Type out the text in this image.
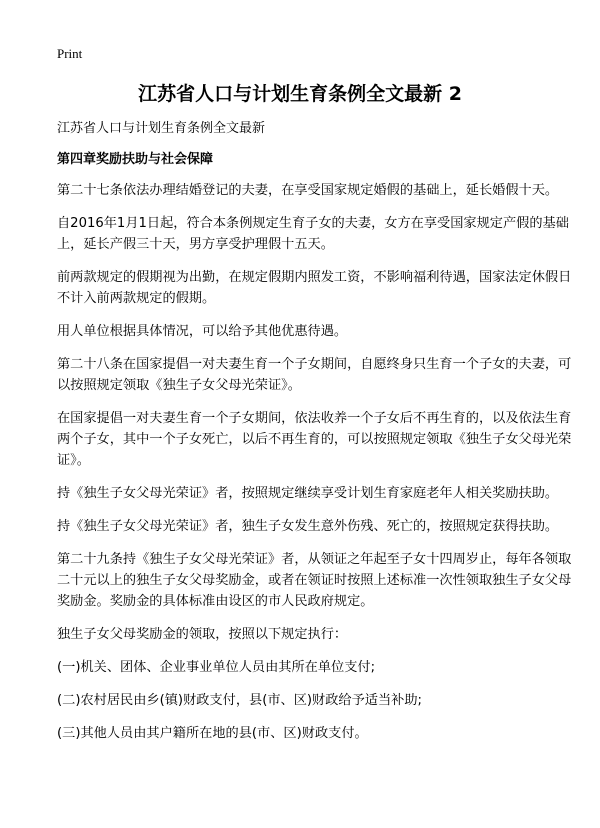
Print
江苏省人口与计划生育条例全文最新 2
江苏省人口与计划生育条例全文最新
第四章奖励扶助与社会保障

第二十七条依法办理结婚登记的夫妻，在享受国家规定婚假的基础上，延长婚假十天。

自2016年1月1日起，符合本条例规定生育子女的夫妻，女方在享受国家规定产假的基础上，延长产假三十天，男方享受护理假十五天。

前两款规定的假期视为出勤，在规定假期内照发工资，不影响福利待遇，国家法定休假日不计入前两款规定的假期。

用人单位根据具体情况，可以给予其他优惠待遇。

第二十八条在国家提倡一对夫妻生育一个子女期间，自愿终身只生育一个子女的夫妻，可以按照规定领取《独生子女父母光荣证》。

在国家提倡一对夫妻生育一个子女期间，依法收养一个子女后不再生育的，以及依法生育两个子女，其中一个子女死亡，以后不再生育的，可以按照规定领取《独生子女父母光荣证》。

持《独生子女父母光荣证》者，按照规定继续享受计划生育家庭老年人相关奖励扶助。

持《独生子女父母光荣证》者，独生子女发生意外伤残、死亡的，按照规定获得扶助。

第二十九条持《独生子女父母光荣证》者，从领证之年起至子女十四周岁止，每年各领取二十元以上的独生子女父母奖励金，或者在领证时按照上述标准一次性领取独生子女父母奖励金。奖励金的具体标准由设区的市人民政府规定。

独生子女父母奖励金的领取，按照以下规定执行：

(一)机关、团体、企业事业单位人员由其所在单位支付;

(二)农村居民由乡(镇)财政支付，县(市、区)财政给予适当补助;

(三)其他人员由其户籍所在地的县(市、区)财政支付。
